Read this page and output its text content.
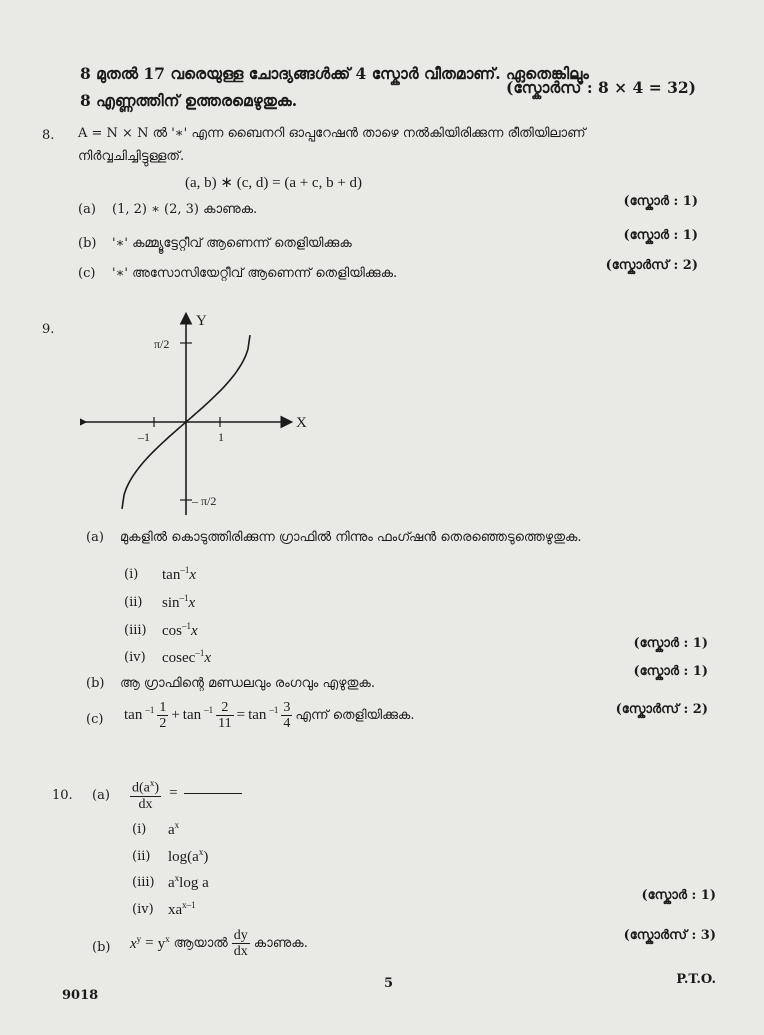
8 മുതൽ 17 വരെയുള്ള ചോദ്യങ്ങൾക്ക് 4 സ്കോർ വീതമാണ്. ഏതെങ്കിലും
8 എണ്ണത്തിന് ഉത്തരമെഴുതുക.
(സ്കോർസ് : 8 × 4 = 32)
8. A = N × N ൽ '∗' എന്ന ബൈനറി ഓപ്പറേഷൻ താഴെ നൽകിയിരിക്കുന്ന രീതിയിലാണ്
നിർവ്വചിച്ചിട്ടുള്ളത്.
(a, b) ∗ (c, d) = (a + c, b + d)
(a) (1, 2) ∗ (2, 3) കാണുക.
(സ്കോർ : 1)
(b) '∗' കമ്മ്യൂട്ടേറ്റീവ് ആണെന്ന് തെളിയിക്കുക
(സ്കോർ : 1)
(c) '∗' അസോസിയേറ്റീവ് ആണെന്ന് തെളിയിക്കുക.
(സ്കോർസ് : 2)
9.
Y
X
π/2
– π/2
–1	1
(a) മുകളിൽ കൊടുത്തിരിക്കുന്ന ഗ്രാഫിൽ നിന്നും ഫംഗ്ഷൻ തെരഞ്ഞെടുത്തെഴുതുക.
(i) $\tan^{-1}x$
(ii) $\sin^{-1}x$
(iii) $\cos^{-1}x$
(iv) cosec$^{-1}$x
(സ്കോർ : 1)
(b) ആ ഗ്രാഫിന്റെ മണ്ഡലവും രംഗവും എഴുതുക.
(സ്കോർ : 1)
(c) $\tan ^{-1} \frac{1}{2} + \tan ^{-1} \frac{2}{11} = \tan ^{-1} \frac{3}{4}$ എന്ന് തെളിയിക്കുക.	(സ്കോർസ് : 2)
10. $(a) \frac{d(a^x)}{dx}$ =
(i) $a^x$
(ii) $\log(a^x)$
(iii) $a^x\log$ a
(iv) $xa^{x-1}$
(സ്കോർ : 1)
(b) $x^y = y^x$ ആയാൽ $\frac{dy}{dx}$ കാണുക.
(സ്കോർസ് : 3)
9018
5	P.T.O.
